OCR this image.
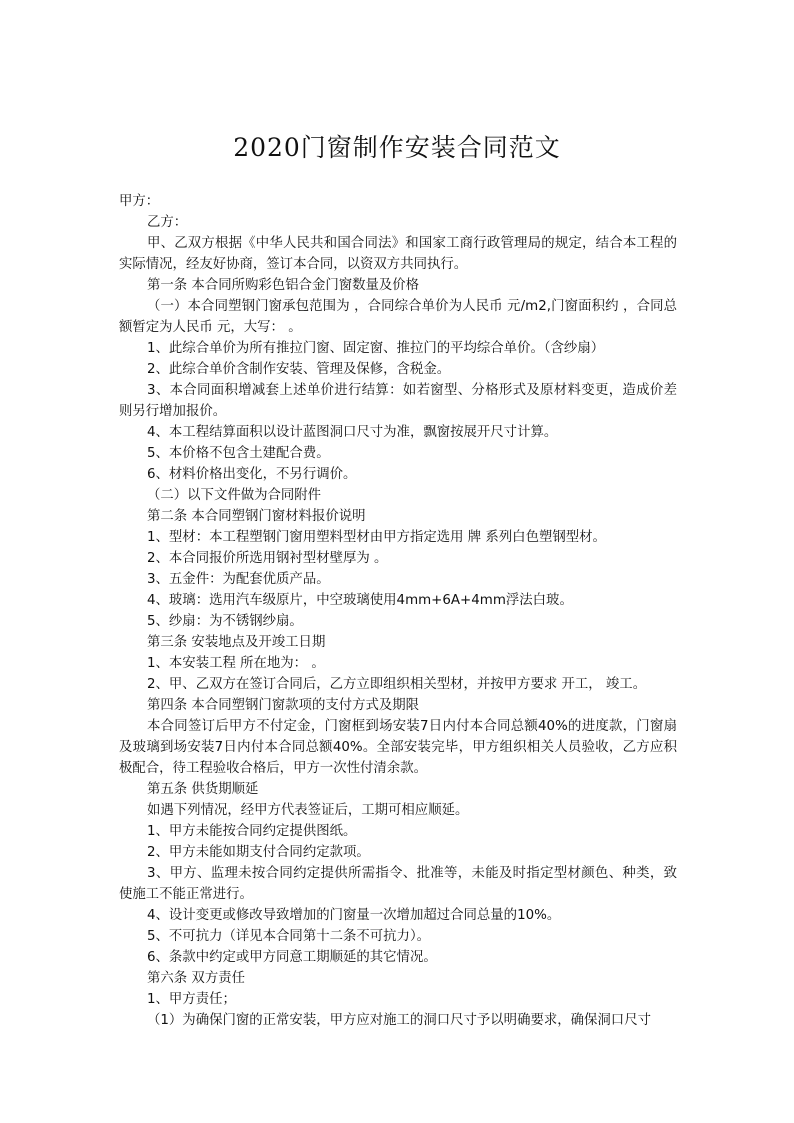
2020门窗制作安装合同范文

甲方：

乙方：

甲、乙双方根据《中华人民共和国合同法》和国家工商行政管理局的规定，结合本工程的实际情况，经友好协商，签订本合同，以资双方共同执行。

第一条 本合同所购彩色铝合金门窗数量及价格

（一）本合同塑钢门窗承包范围为 ，合同综合单价为人民币 元/m2,门窗面积约 ，合同总额暂定为人民币 元，大写： 。

1、此综合单价为所有推拉门窗、固定窗、推拉门的平均综合单价。（含纱扇）

2、此综合单价含制作安装、管理及保修，含税金。

3、本合同面积增减套上述单价进行结算：如若窗型、分格形式及原材料变更，造成价差则另行增加报价。

4、本工程结算面积以设计蓝图洞口尺寸为准，飘窗按展开尺寸计算。

5、本价格不包含土建配合费。

6、材料价格出变化，不另行调价。

（二）以下文件做为合同附件

第二条 本合同塑钢门窗材料报价说明

1、型材：本工程塑钢门窗用塑料型材由甲方指定选用 牌 系列白色塑钢型材。

2、本合同报价所选用钢衬型材壁厚为 。

3、五金件：为配套优质产品。

4、玻璃：选用汽车级原片，中空玻璃使用4mm+6A+4mm浮法白玻。

5、纱扇：为不锈钢纱扇。

第三条 安装地点及开竣工日期

1、本安装工程 所在地为： 。

2、甲、乙双方在签订合同后，乙方立即组织相关型材，并按甲方要求 开工， 竣工。

第四条 本合同塑钢门窗款项的支付方式及期限

本合同签订后甲方不付定金，门窗框到场安装7日内付本合同总额40%的进度款，门窗扇及玻璃到场安装7日内付本合同总额40%。全部安装完毕，甲方组织相关人员验收，乙方应积极配合，待工程验收合格后，甲方一次性付清余款。

第五条 供货期顺延

如遇下列情况，经甲方代表签证后，工期可相应顺延。

1、甲方未能按合同约定提供图纸。

2、甲方未能如期支付合同约定款项。

3、甲方、监理未按合同约定提供所需指令、批准等，未能及时指定型材颜色、种类，致使施工不能正常进行。

4、设计变更或修改导致增加的门窗量一次增加超过合同总量的10%。

5、不可抗力（详见本合同第十二条不可抗力）。

6、条款中约定或甲方同意工期顺延的其它情况。

第六条 双方责任

1、甲方责任；

（1）为确保门窗的正常安装，甲方应对施工的洞口尺寸予以明确要求，确保洞口尺寸
